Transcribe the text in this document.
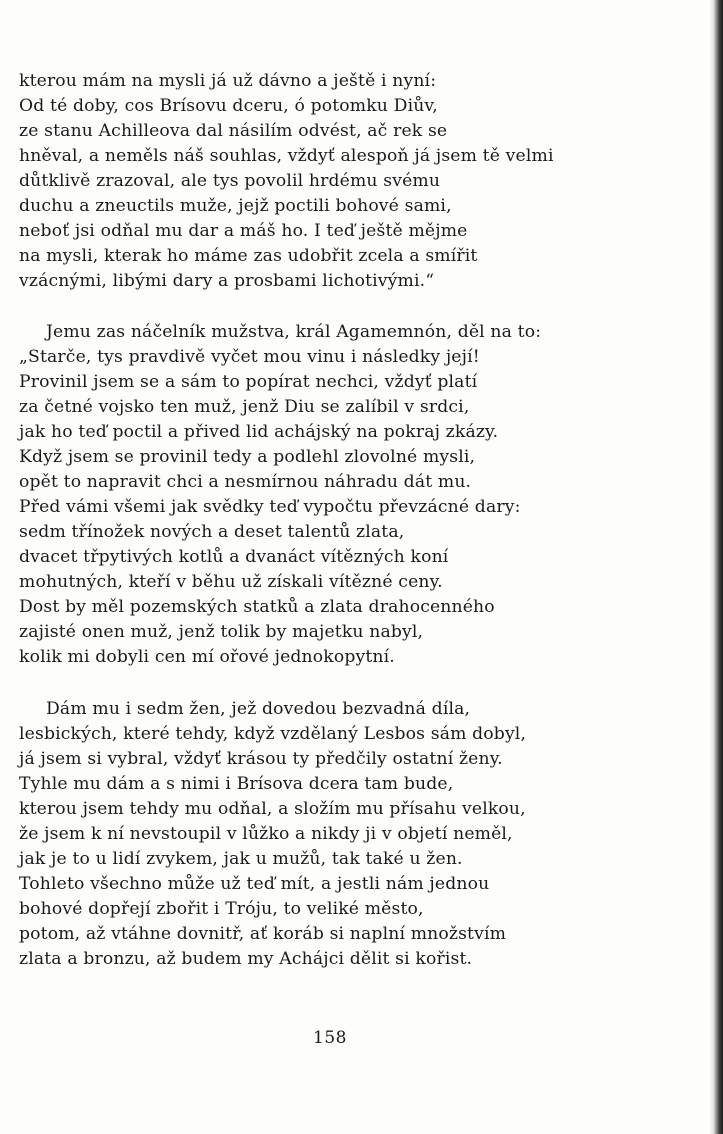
kterou mám na mysli já už dávno a ještě i nyní:
Od té doby, cos Brísovu dceru, ó potomku Diův,
ze stanu Achilleova dal násilím odvést, ač rek se
hněval, a neměls náš souhlas, vždyť alespoň já jsem tě velmi
důtklivě zrazoval, ale tys povolil hrdému svému
duchu a zneuctils muže, jejž poctili bohové sami,
neboť jsi odňal mu dar a máš ho. I teď ještě mějme
na mysli, kterak ho máme zas udobřit zcela a smířit
vzácnými, libými dary a prosbami lichotivými.“
Jemu zas náčelník mužstva, král Agamemnón, děl na to:
„Starče, tys pravdivě vyčet mou vinu i následky její!
Provinil jsem se a sám to popírat nechci, vždyť platí
za četné vojsko ten muž, jenž Diu se zalíbil v srdci,
jak ho teď poctil a přived lid achájský na pokraj zkázy.
Když jsem se provinil tedy a podlehl zlovolné mysli,
opět to napravit chci a nesmírnou náhradu dát mu.
Před vámi všemi jak svědky teď vypočtu převzácné dary:
sedm třínožek nových a deset talentů zlata,
dvacet třpytivých kotlů a dvanáct vítězných koní
mohutných, kteří v běhu už získali vítězné ceny.
Dost by měl pozemských statků a zlata drahocenného
zajisté onen muž, jenž tolik by majetku nabyl,
kolik mi dobyli cen mí ořové jednokopytní.
Dám mu i sedm žen, jež dovedou bezvadná díla,
lesbických, které tehdy, když vzdělaný Lesbos sám dobyl,
já jsem si vybral, vždyť krásou ty předčily ostatní ženy.
Tyhle mu dám a s nimi i Brísova dcera tam bude,
kterou jsem tehdy mu odňal, a složím mu přísahu velkou,
že jsem k ní nevstoupil v lůžko a nikdy ji v objetí neměl,
jak je to u lidí zvykem, jak u mužů, tak také u žen.
Tohleto všechno může už teď mít, a jestli nám jednou
bohové dopřejí zbořit i Tróju, to veliké město,
potom, až vtáhne dovnitř, ať koráb si naplní množstvím
zlata a bronzu, až budem my Achájci dělit si kořist.
158
